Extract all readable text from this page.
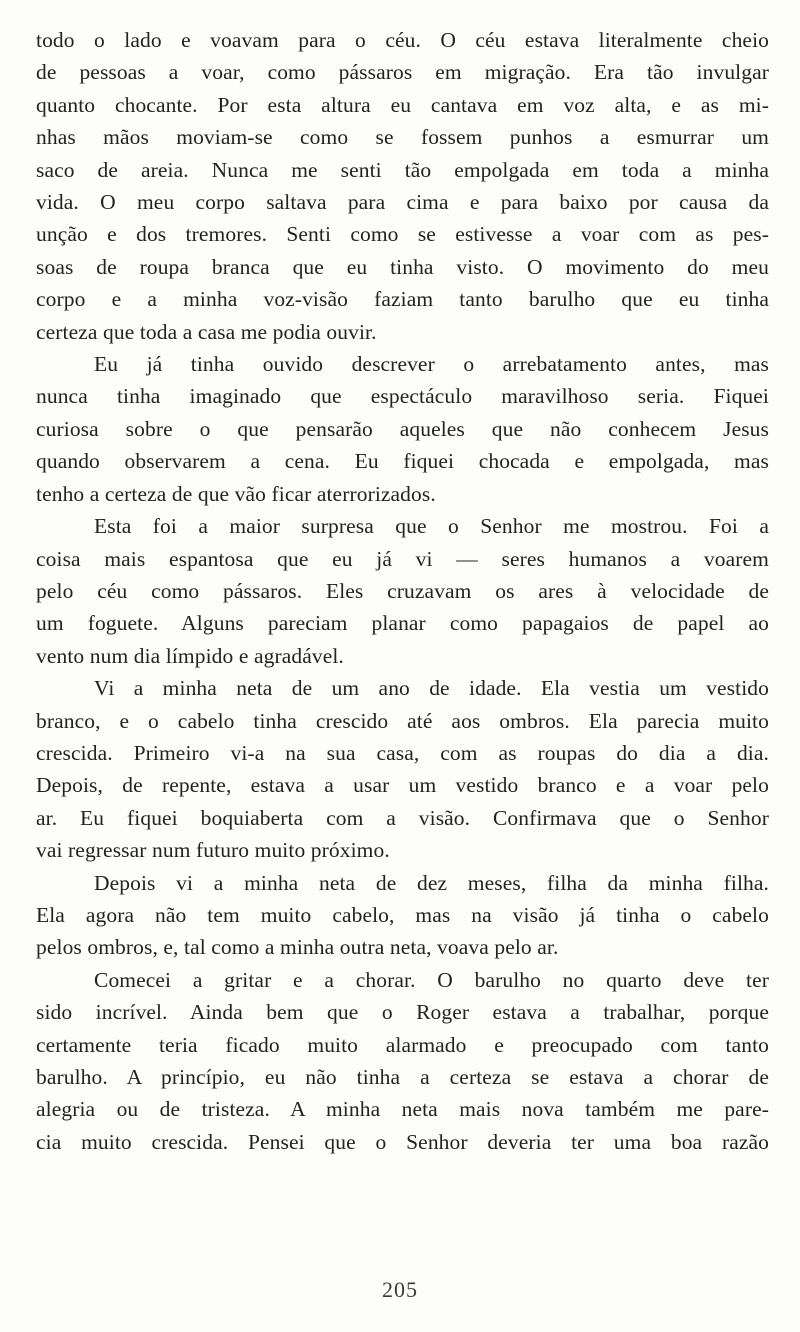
todo o lado e voavam para o céu. O céu estava literalmente cheio
de pessoas a voar, como pássaros em migração. Era tão invulgar
quanto chocante. Por esta altura eu cantava em voz alta, e as mi-
nhas mãos moviam-se como se fossem punhos a esmurrar um
saco de areia. Nunca me senti tão empolgada em toda a minha
vida. O meu corpo saltava para cima e para baixo por causa da
unção e dos tremores. Senti como se estivesse a voar com as pes-
soas de roupa branca que eu tinha visto. O movimento do meu
corpo e a minha voz-visão faziam tanto barulho que eu tinha
certeza que toda a casa me podia ouvir.
Eu já tinha ouvido descrever o arrebatamento antes, mas
nunca tinha imaginado que espectáculo maravilhoso seria. Fiquei
curiosa sobre o que pensarão aqueles que não conhecem Jesus
quando observarem a cena. Eu fiquei chocada e empolgada, mas
tenho a certeza de que vão ficar aterrorizados.
Esta foi a maior surpresa que o Senhor me mostrou. Foi a
coisa mais espantosa que eu já vi — seres humanos a voarem
pelo céu como pássaros. Eles cruzavam os ares à velocidade de
um foguete. Alguns pareciam planar como papagaios de papel ao
vento num dia límpido e agradável.
Vi a minha neta de um ano de idade. Ela vestia um vestido
branco, e o cabelo tinha crescido até aos ombros. Ela parecia muito
crescida. Primeiro vi-a na sua casa, com as roupas do dia a dia.
Depois, de repente, estava a usar um vestido branco e a voar pelo
ar. Eu fiquei boquiaberta com a visão. Confirmava que o Senhor
vai regressar num futuro muito próximo.
Depois vi a minha neta de dez meses, filha da minha filha.
Ela agora não tem muito cabelo, mas na visão já tinha o cabelo
pelos ombros, e, tal como a minha outra neta, voava pelo ar.
Comecei a gritar e a chorar. O barulho no quarto deve ter
sido incrível. Ainda bem que o Roger estava a trabalhar, porque
certamente teria ficado muito alarmado e preocupado com tanto
barulho. A princípio, eu não tinha a certeza se estava a chorar de
alegria ou de tristeza. A minha neta mais nova também me pare-
cia muito crescida. Pensei que o Senhor deveria ter uma boa razão
205
